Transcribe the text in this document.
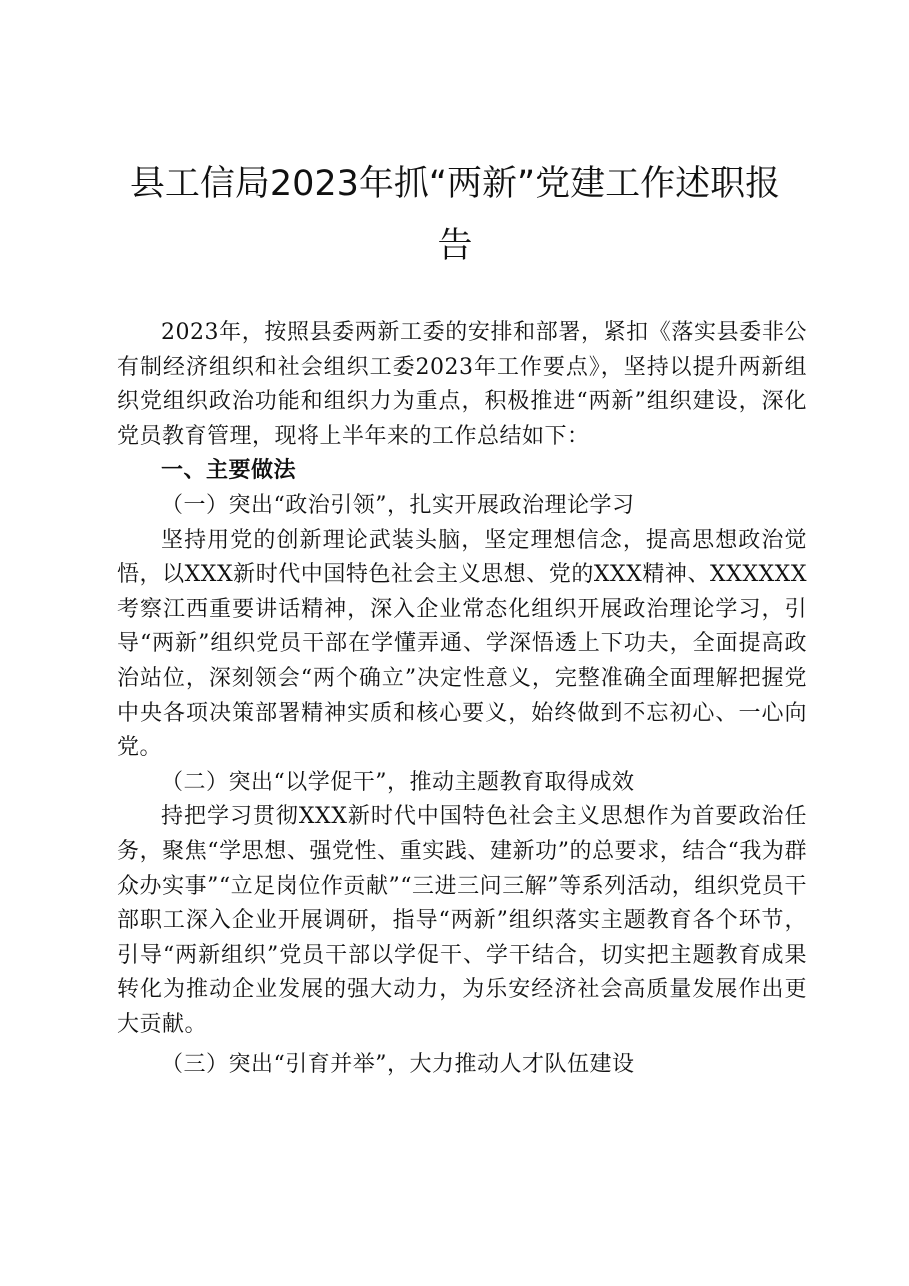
县工信局2023年抓“两新”党建工作述职报
告

2023年，按照县委两新工委的安排和部署，紧扣《落实县委非公有制经济组织和社会组织工委2023年工作要点》，坚持以提升两新组织党组织政治功能和组织力为重点，积极推进“两新”组织建设，深化党员教育管理，现将上半年来的工作总结如下：

一、主要做法

（一）突出“政治引领”，扎实开展政治理论学习

坚持用党的创新理论武装头脑，坚定理想信念，提高思想政治觉悟，以XXX新时代中国特色社会主义思想、党的XXX精神、XXXXXX考察江西重要讲话精神，深入企业常态化组织开展政治理论学习，引导“两新”组织党员干部在学懂弄通、学深悟透上下功夫，全面提高政治站位，深刻领会“两个确立”决定性意义，完整准确全面理解把握党中央各项决策部署精神实质和核心要义，始终做到不忘初心、一心向党。

（二）突出“以学促干”，推动主题教育取得成效

持把学习贯彻XXX新时代中国特色社会主义思想作为首要政治任务，聚焦“学思想、强党性、重实践、建新功”的总要求，结合“我为群众办实事”“立足岗位作贡献”“三进三问三解”等系列活动，组织党员干部职工深入企业开展调研，指导“两新”组织落实主题教育各个环节，引导“两新组织”党员干部以学促干、学干结合，切实把主题教育成果转化为推动企业发展的强大动力，为乐安经济社会高质量发展作出更大贡献。

（三）突出“引育并举”，大力推动人才队伍建设
